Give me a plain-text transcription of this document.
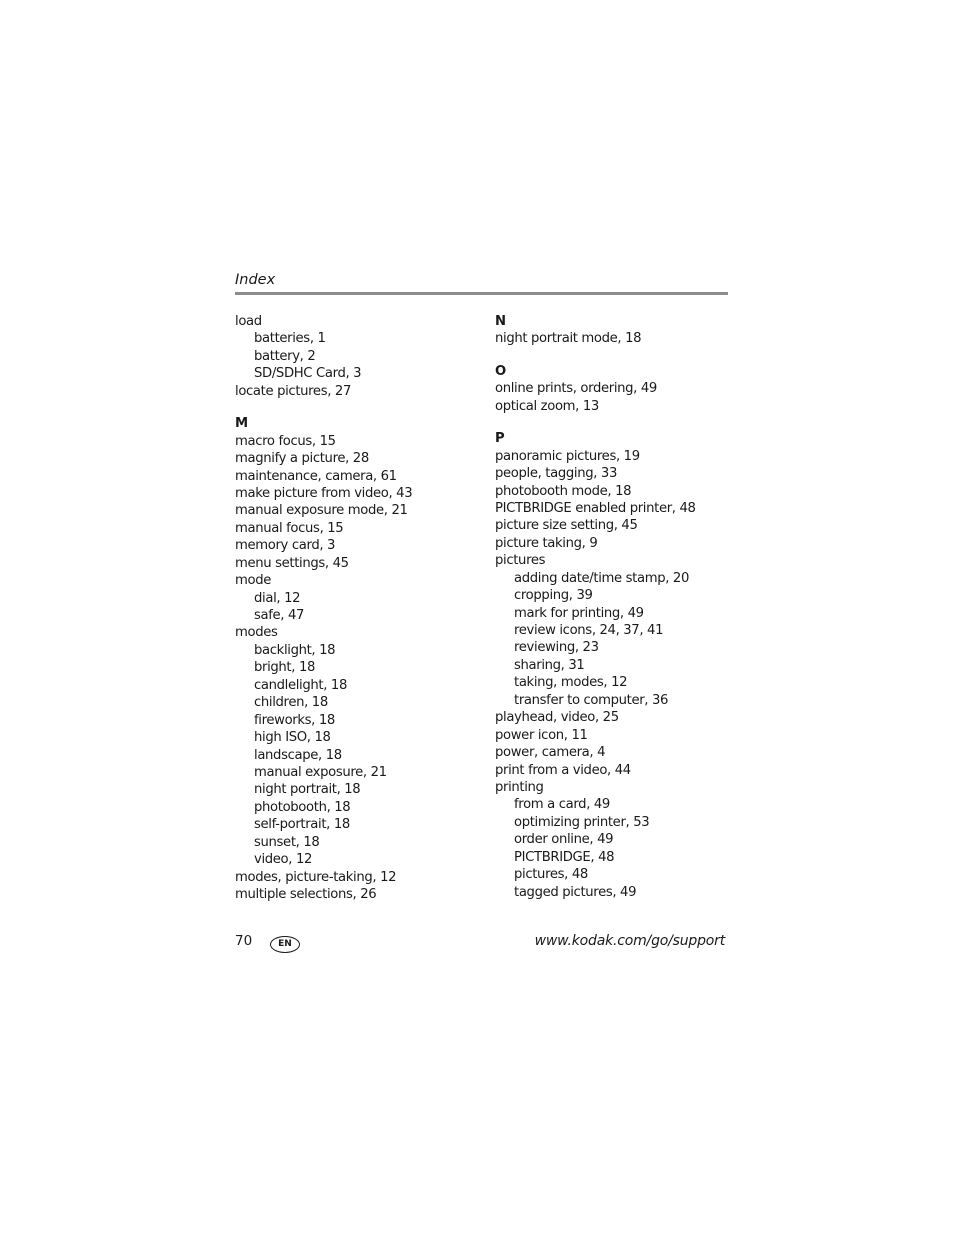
Index
load
batteries, 1
battery, 2
SD/SDHC Card, 3
locate pictures, 27
M
macro focus, 15
magnify a picture, 28
maintenance, camera, 61
make picture from video, 43
manual exposure mode, 21
manual focus, 15
memory card, 3
menu settings, 45
mode
dial, 12
safe, 47
modes
backlight, 18
bright, 18
candlelight, 18
children, 18
fireworks, 18
high ISO, 18
landscape, 18
manual exposure, 21
night portrait, 18
photobooth, 18
self-portrait, 18
sunset, 18
video, 12
modes, picture-taking, 12
multiple selections, 26
N
night portrait mode, 18
O
online prints, ordering, 49
optical zoom, 13
P
panoramic pictures, 19
people, tagging, 33
photobooth mode, 18
PICTBRIDGE enabled printer, 48
picture size setting, 45
picture taking, 9
pictures
adding date/time stamp, 20
cropping, 39
mark for printing, 49
review icons, 24, 37, 41
reviewing, 23
sharing, 31
taking, modes, 12
transfer to computer, 36
playhead, video, 25
power icon, 11
power, camera, 4
print from a video, 44
printing
from a card, 49
optimizing printer, 53
order online, 49
PICTBRIDGE, 48
pictures, 48
tagged pictures, 49
70	EN	www.kodak.com/go/support
